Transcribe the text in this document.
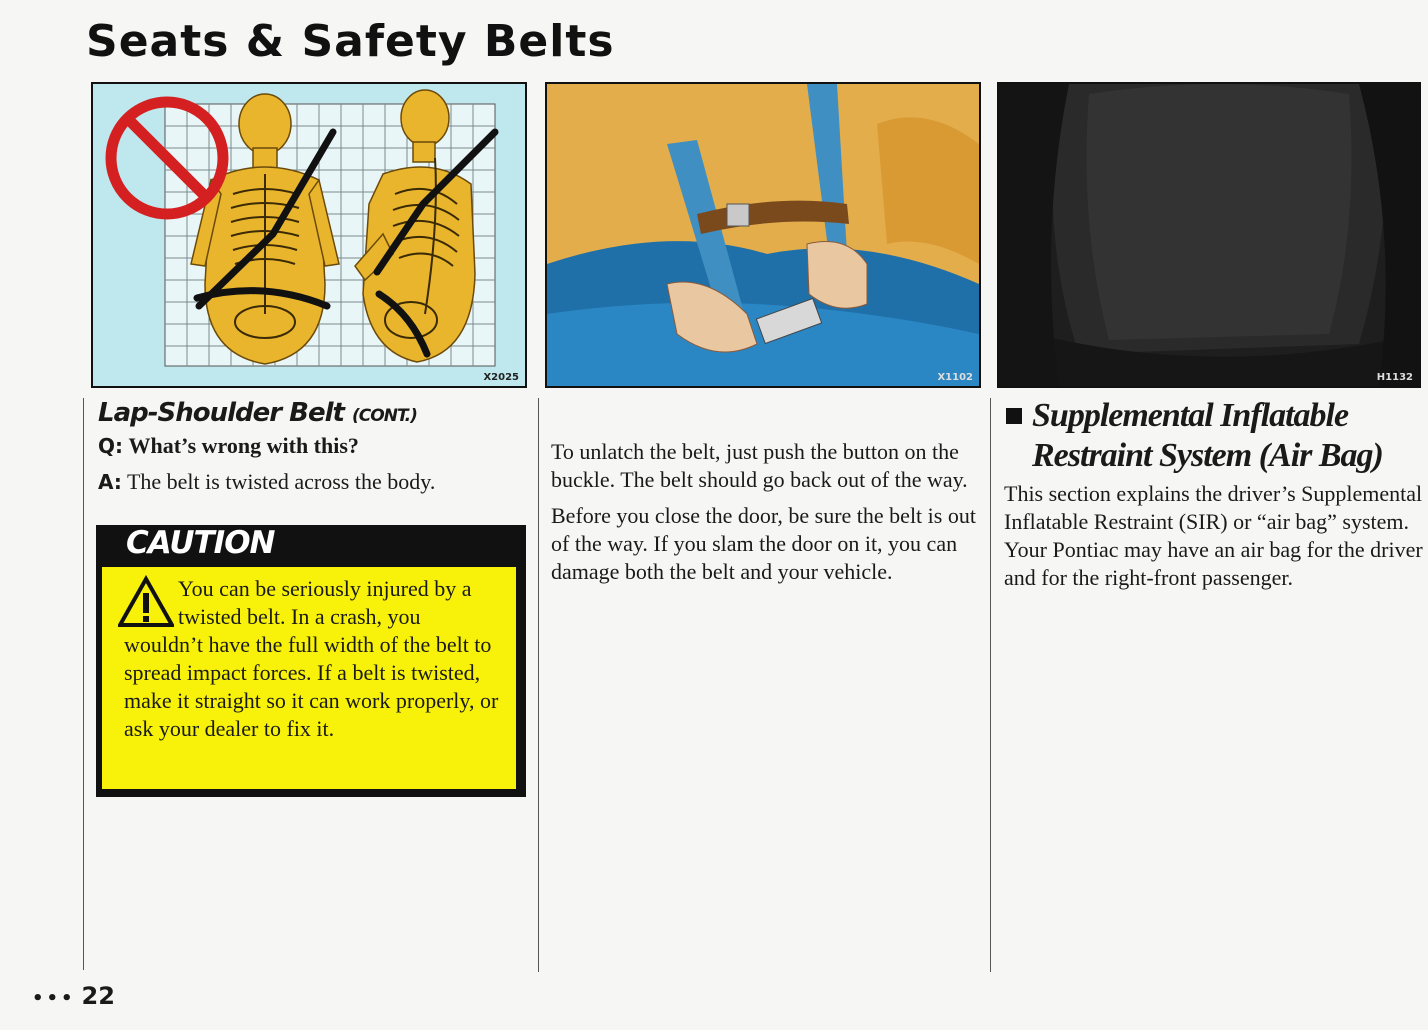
Seats & Safety Belts
X2025	X1102	H1132
Lap-Shoulder Belt (CONT.)

Q: What’s wrong with this?

A: The belt is twisted across the body.

CAUTION

You can be seriously injured by a twisted belt. In a crash, you wouldn’t have the full width of the belt to spread impact forces. If a belt is twisted, make it straight so it can work properly, or ask your dealer to fix it.

To unlatch the belt, just push the button on the buckle. The belt should go back out of the way.

Before you close the door, be sure the belt is out of the way. If you slam the door on it, you can damage both the belt and your vehicle.

Supplemental Inflatable Restraint System (Air Bag)

This section explains the driver’s Supplemental Inflatable Restraint (SIR) or “air bag” system. Your Pontiac may have an air bag for the driver and for the right-front passenger.

••• 22
